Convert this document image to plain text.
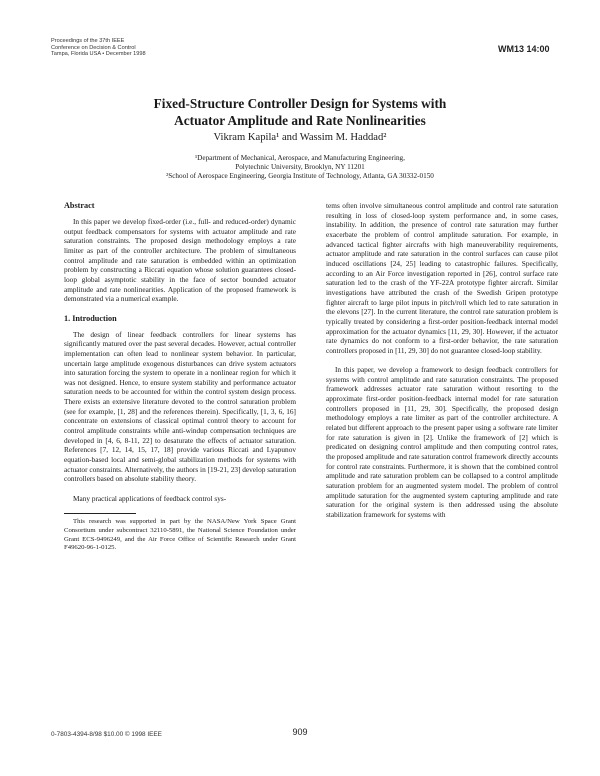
Proceedings of the 37th IEEE
Conference on Decision & Control
Tampa, Florida USA • December 1998
WM13 14:00
Fixed-Structure Controller Design for Systems with
Actuator Amplitude and Rate Nonlinearities
Vikram Kapila¹ and Wassim M. Haddad²
¹Department of Mechanical, Aerospace, and Manufacturing Engineering,
Polytechnic University, Brooklyn, NY 11201
²School of Aerospace Engineering, Georgia Institute of Technology, Atlanta, GA 30332-0150
Abstract

In this paper we develop fixed-order (i.e., full- and reduced-order) dynamic output feedback compensators for systems with actuator amplitude and rate saturation constraints. The proposed design methodology employs a rate limiter as part of the controller architecture. The problem of simultaneous control amplitude and rate saturation is embedded within an optimization problem by constructing a Riccati equation whose solution guarantees closed-loop global asymptotic stability in the face of sector bounded actuator amplitude and rate nonlinearities. Application of the proposed framework is demonstrated via a numerical example.

1. Introduction

The design of linear feedback controllers for linear systems has significantly matured over the past several decades. However, actual controller implementation can often lead to nonlinear system behavior. In particular, uncertain large amplitude exogenous disturbances can drive system actuators into saturation forcing the system to operate in a nonlinear region for which it was not designed. Hence, to ensure system stability and performance actuator saturation needs to be accounted for within the control system design process. There exists an extensive literature devoted to the control saturation problem (see for example, [1, 28] and the references therein). Specifically, [1, 3, 6, 16] concentrate on extensions of classical optimal control theory to account for control amplitude constraints while anti-windup compensation techniques are developed in [4, 6, 8-11, 22] to desaturate the effects of actuator saturation. References [7, 12, 14, 15, 17, 18] provide various Riccati and Lyapunov equation-based local and semi-global stabilization methods for systems with actuator constraints. Alternatively, the authors in [19-21, 23] develop saturation controllers based on absolute stability theory.

Many practical applications of feedback control sys-

This research was supported in part by the NASA/New York Space Grant Consortium under subcontract 32110-5891, the National Science Foundation under Grant ECS-9496249, and the Air Force Office of Scientific Research under Grant F49620-96-1-0125.

tems often involve simultaneous control amplitude and control rate saturation resulting in loss of closed-loop system performance and, in some cases, instability. In addition, the presence of control rate saturation may further exacerbate the problem of control amplitude saturation. For example, in advanced tactical fighter aircrafts with high maneuverability requirements, actuator amplitude and rate saturation in the control surfaces can cause pilot induced oscillations [24, 25] leading to catastrophic failures. Specifically, according to an Air Force investigation reported in [26], control surface rate saturation led to the crash of the YF-22A prototype fighter aircraft. Similar investigations have attributed the crash of the Swedish Gripen prototype fighter aircraft to large pilot inputs in pitch/roll which led to rate saturation in the elevons [27]. In the current literature, the control rate saturation problem is typically treated by considering a first-order position-feedback internal model approximation for the actuator dynamics [11, 29, 30]. However, if the actuator rate dynamics do not conform to a first-order behavior, the rate saturation controllers proposed in [11, 29, 30] do not guarantee closed-loop stability.

In this paper, we develop a framework to design feedback controllers for systems with control amplitude and rate saturation constraints. The proposed framework addresses actuator rate saturation without resorting to the approximate first-order position-feedback internal model for rate saturation controllers proposed in [11, 29, 30]. Specifically, the proposed design methodology employs a rate limiter as part of the controller architecture. A related but different approach to the present paper using a software rate limiter for rate saturation is given in [2]. Unlike the framework of [2] which is predicated on designing control amplitude and then computing control rates, the proposed amplitude and rate saturation control framework directly accounts for control rate constraints. Furthermore, it is shown that the combined control amplitude and rate saturation problem can be collapsed to a control amplitude saturation problem for an augmented system model. The problem of control amplitude saturation for the augmented system capturing amplitude and rate saturation for the original system is then addressed using the absolute stabilization framework for systems with

0-7803-4394-8/98 $10.00 © 1998 IEEE	909
